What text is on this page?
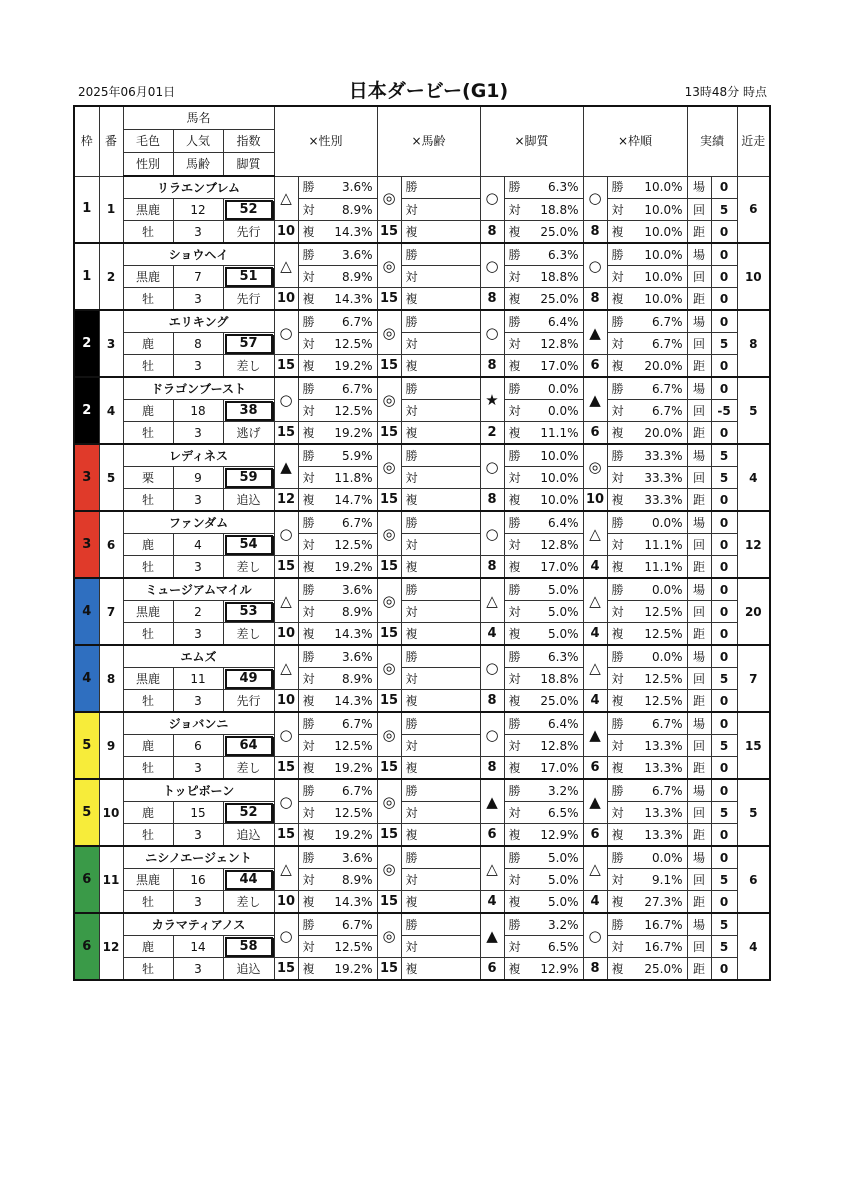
2025年06月01日	日本ダービー(G1)	13時48分 時点
枠	番	馬名			×性別		×馬齢		×脚質		×枠順		実績		近走
		毛色	人気	指数											
		性別	馬齢	脚質											
1	1	リラエンブレム			△	勝 3.6%	◎	勝	○	勝 6.3%	○	勝 10.0%	場	0	6
		黒鹿	12	52		対 8.9%		対		対 18.8%		対 10.0%	回	5	
		牡	3	先行	10	複 14.3%	15	複	8	複 25.0%	8	複 10.0%	距	0	
1	2	ショウヘイ			△	勝 3.6%	◎	勝	○	勝 6.3%	○	勝 10.0%	場	0	10
		黒鹿	7	51		対 8.9%		対		対 18.8%		対 10.0%	回	0	
		牡	3	先行	10	複 14.3%	15	複	8	複 25.0%	8	複 10.0%	距	0	
2	3	エリキング			○	勝 6.7%	◎	勝	○	勝 6.4%	▲	勝 6.7%	場	0	8
		鹿	8	57		対 12.5%		対		対 12.8%		対 6.7%	回	5	
		牡	3	差し	15	複 19.2%	15	複	8	複 17.0%	6	複 20.0%	距	0	
2	4	ドラゴンブースト			○	勝 6.7%	◎	勝	★	勝 0.0%	▲	勝 6.7%	場	0	5
		鹿	18	38		対 12.5%		対		対 0.0%		対 6.7%	回	-5	
		牡	3	逃げ	15	複 19.2%	15	複	2	複 11.1%	6	複 20.0%	距	0	
3	5	レディネス			▲	勝 5.9%	◎	勝	○	勝 10.0%	◎	勝 33.3%	場	5	4
		栗	9	59		対 11.8%		対		対 10.0%		対 33.3%	回	5	
		牡	3	追込	12	複 14.7%	15	複	8	複 10.0%	10	複 33.3%	距	0	
3	6	ファンダム			○	勝 6.7%	◎	勝	○	勝 6.4%	△	勝 0.0%	場	0	12
		鹿	4	54		対 12.5%		対		対 12.8%		対 11.1%	回	0	
		牡	3	差し	15	複 19.2%	15	複	8	複 17.0%	4	複 11.1%	距	0	
4	7	ミュージアムマイル			△	勝 3.6%	◎	勝	△	勝 5.0%	△	勝 0.0%	場	0	20
		黒鹿	2	53		対 8.9%		対		対 5.0%		対 12.5%	回	0	
		牡	3	差し	10	複 14.3%	15	複	4	複 5.0%	4	複 12.5%	距	0	
4	8	エムズ			△	勝 3.6%	◎	勝	○	勝 6.3%	△	勝 0.0%	場	0	7
		黒鹿	11	49		対 8.9%		対		対 18.8%		対 12.5%	回	5	
		牡	3	先行	10	複 14.3%	15	複	8	複 25.0%	4	複 12.5%	距	0	
5	9	ジョバンニ			○	勝 6.7%	◎	勝	○	勝 6.4%	▲	勝 6.7%	場	0	15
		鹿	6	64		対 12.5%		対		対 12.8%		対 13.3%	回	5	
		牡	3	差し	15	複 19.2%	15	複	8	複 17.0%	6	複 13.3%	距	0	
5	10	トッピボーン			○	勝 6.7%	◎	勝	▲	勝 3.2%	▲	勝 6.7%	場	0	5
		鹿	15	52		対 12.5%		対		対 6.5%		対 13.3%	回	5	
		牡	3	追込	15	複 19.2%	15	複	6	複 12.9%	6	複 13.3%	距	0	
6	11	ニシノエージェント			△	勝 3.6%	◎	勝	△	勝 5.0%	△	勝 0.0%	場	0	6
		黒鹿	16	44		対 8.9%		対		対 5.0%		対 9.1%	回	5	
		牡	3	差し	10	複 14.3%	15	複	4	複 5.0%	4	複 27.3%	距	0	
6	12	カラマティアノス			○	勝 6.7%	◎	勝	▲	勝 3.2%	○	勝 16.7%	場	5	4
		鹿	14	58		対 12.5%		対		対 6.5%		対 16.7%	回	5	
		牡	3	追込	15	複 19.2%	15	複	6	複 12.9%	8	複 25.0%	距	0	
